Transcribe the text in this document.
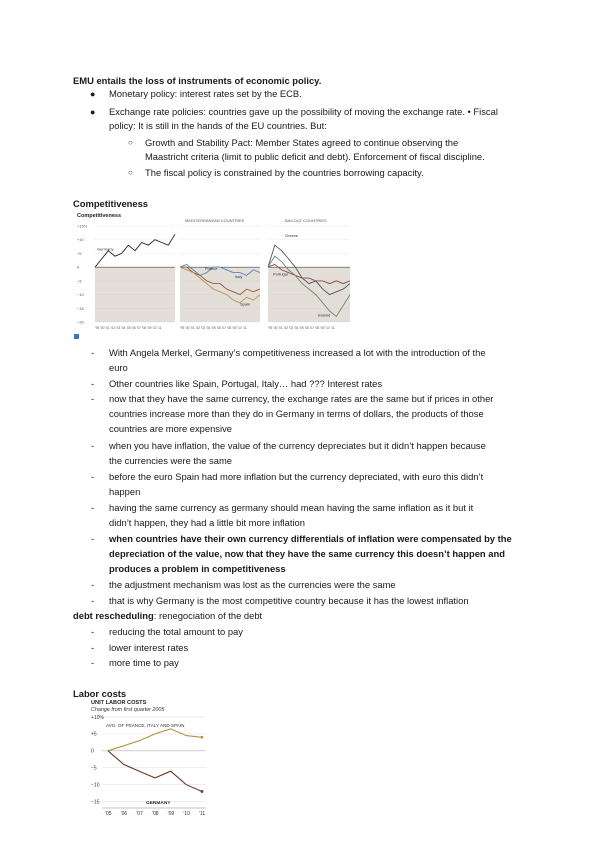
EMU entails the loss of instruments of economic policy.
● Monetary policy: interest rates set by the ECB.
● Exchange rate policies: countries gave up the possibility of moving the exchange rate. • Fiscal
policy: It is still in the hands of the EU countries. But:
○ Growth and Stability Pact: Member States agreed to continue observing the
Maastricht criteria (limit to public deficit and debt). Enforcement of fiscal discipline.
○ The fiscal policy is constrained by the countries borrowing capacity.
Competitiveness
Competitiveness
MEDITERRANEAN COUNTRIES	BAILOUT COUNTRIES
+15%
+10
+5
0
−5
−10
−15
−20
'99 '00 '01 '02 '03 '04 '05 '06 '07 '08 '09 '10 '11	'99 '00 '01 '02 '03 '04 '05 '06 '07 '08 '09 '10 '11	'99 '00 '01 '02 '03 '04 '05 '06 '07 '08 '09 '10 '11
Germany
France
Italy
Spain
Greece
Portugal
Ireland
- With Angela Merkel, Germany’s competitiveness increased a lot with the introduction of the
euro
- Other countries like Spain, Portugal, Italy… had ??? Interest rates
- now that they have the same currency, the exchange rates are the same but if prices in other
countries increase more than they do in Germany in terms of dollars, the products of those
countries are more expensive
- when you have inflation, the value of the currency depreciates but it didn’t happen because
the currencies were the same
- before the euro Spain had more inflation but the currency depreciated, with euro this didn’t
happen
- having the same currency as germany should mean having the same inflation as it but it
didn’t happen, they had a little bit more inflation
- when countries have their own currency differentials of inflation were compensated by the
depreciation of the value, now that they have the same currency this doesn’t happen and
produces a problem in competitiveness
- the adjustment mechanism was lost as the currencies were the same
- that is why Germany is the most competitive country because it has the lowest inflation
debt rescheduling: renegociation of the debt
- reducing the total amount to pay
- lower interest rates
- more time to pay
Labor costs
UNIT LABOR COSTS
Change from first quarter 2005
AVG. OF FRANCE, ITALY AND SPAIN
GERMANY
+10%
+5
0
−5
−10
−15
'05 '06 '07 '08 '09 '10 '11
